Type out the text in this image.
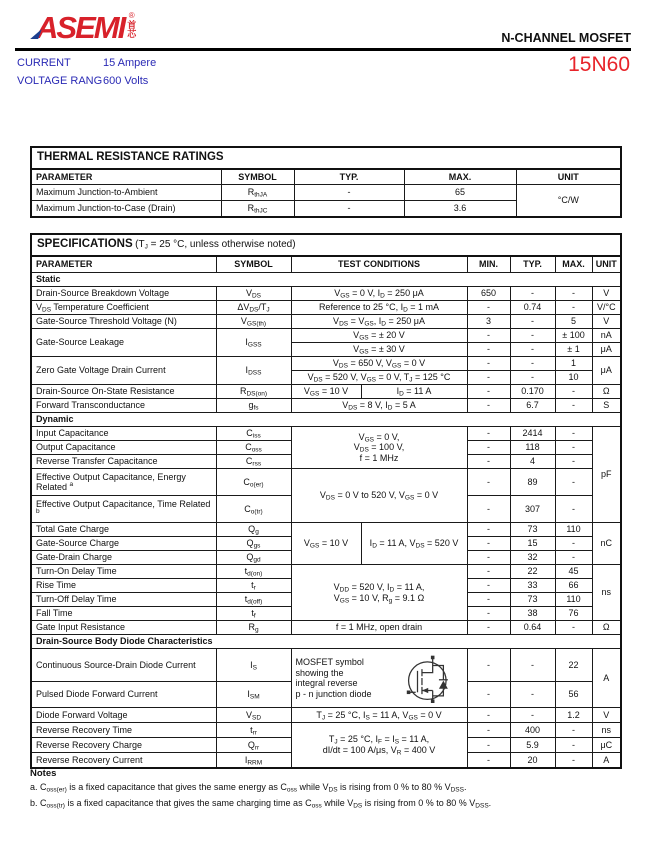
ASEMI ®
首
芯	N-CHANNEL MOSFET
CURRENT	15 Ampere
VOLTAGE RANG600 Volts
15N60
THERMAL RESISTANCE RATINGS				
PARAMETER	SYMBOL	TYP.	MAX.	UNIT
Maximum Junction-to-Ambient	$R_{thJA}$	-	65	°C/W
Maximum Junction-to-Case (Drain)	$R_{thJC}$	-	3.6	
SPECIFICATIONS ($T_J = 25$ °C, unless otherwise noted)							
PARAMETER	SYMBOL	TEST CONDITIONS		MIN.	TYP.	MAX.	UNIT
Static							
Drain-Source Breakdown Voltage	$V_{DS}$	$V_{GS} = 0$ V, $I_D = 250$ μA		650	-	-	V
$V_{DS}$ Temperature Coefficient	$\Delta V_{DS}/T_J$	Reference to 25 °C, $I_D = 1$ mA		-	0.74	-	V/°C
Gate-Source Threshold Voltage (N)	$V_{GS(th)}$	$V_{DS} = V_{GS}$, $I_D = 250$ μA		3	-	5	V
Gate-Source Leakage	$I_{GSS}$	$V_{GS}$ = ± 20 V		-	-	± 100	nA
		$V_{GS}$ = ± 30 V		-	-	± 1	μA
Zero Gate Voltage Drain Current	$I_{DSS}$	$V_{DS} = 650$ V, $V_{GS} = 0$ V		-	-	1	μA
		$V_{DS} = 520$ V, $V_{GS} = 0$ V, $T_J = 125$ °C		-	-	10	
Drain-Source On-State Resistance	$R_{DS(on)}$	$V_{GS} = 10$ V	$I_D = 11$ A	-	0.170	-	Ω
Forward Transconductance	$g_{fs}$	$V_{DS} = 8$ V, $I_D = 5$ A		-	6.7	-	S
Dynamic							
Input Capacitance	$C_{iss}$	$V_{GS} = 0$ V,
$V_{DS} = 100$ V,
f = 1 MHz		-	2414	-	pF
Output Capacitance	$C_{oss}$			-	118	-	
Reverse Transfer Capacitance	$C_{rss}$			-	4	-	
Effective Output Capacitance, Energy Related $^a$	$C_{o(er)}$	$V_{DS} = 0$ V to 520 V, $V_{GS} = 0$ V		-	89	-	
Effective Output Capacitance, Time Related $^b$	$C_{o(tr)}$			-	307	-	
Total Gate Charge	$Q_g$	$V_{GS} = 10$ V	$I_D = 11$ A, $V_{DS} = 520$ V	-	73	110	nC
Gate-Source Charge	$Q_{gs}$			-	15	-	
Gate-Drain Charge	$Q_{gd}$			-	32	-	
Turn-On Delay Time	$t_{d(on)}$	$V_{DD} = 520$ V, $I_D = 11$ A,
$V_{GS} = 10$ V, $R_g = 9.1$ Ω		-	22	45	ns
Rise Time	$t_r$			-	33	66	
Turn-Off Delay Time	$t_{d(off)}$			-	73	110	
Fall Time	$t_f$			-	38	76	
Gate Input Resistance	$R_g$	f = 1 MHz, open drain		-	0.64	-	Ω
Drain-Source Body Diode Characteristics							
Continuous Source-Drain Diode Current	$I_S$	MOSFET symbol
showing the
integral reverse
p - n junction diode		-	-	22	A
Pulsed Diode Forward Current	$I_{SM}$			-	-	56	
Diode Forward Voltage	$V_{SD}$	$T_J = 25$ °C, $I_S = 11$ A, $V_{GS} = 0$ V		-	-	1.2	V
Reverse Recovery Time	$t_{rr}$	$T_J = 25$ °C, $I_F = I_S = 11$ A,
dI/dt = 100 A/μs, $V_R = 400$ V		-	400	-	ns
Reverse Recovery Charge	$Q_{rr}$			-	5.9	-	μC
Reverse Recovery Current	$I_{RRM}$			-	20	-	A
Notes

a. $C_{oss(er)}$ is a fixed capacitance that gives the same energy as $C_{oss}$ while $V_{DS}$ is rising from 0 % to 80 % $V_{DSS}$.

b. $C_{oss(tr)}$ is a fixed capacitance that gives the same charging time as $C_{oss}$ while $V_{DS}$ is rising from 0 % to 80 % $V_{DSS}$.
